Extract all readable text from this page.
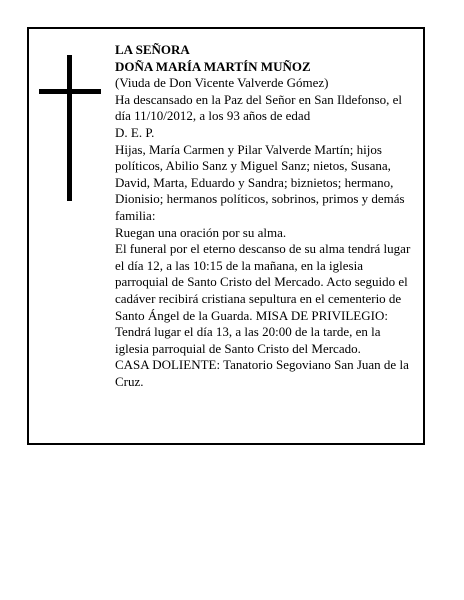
LA SEÑORA

DOÑA MARÍA MARTÍN MUÑOZ

(Viuda de Don Vicente Valverde Gómez)

Ha descansado en la Paz del Señor en San Ildefonso, el día 11/10/2012, a los 93 años de edad

D. E. P.

Hijas, María Carmen y Pilar Valverde Martín; hijos políticos, Abilio Sanz y Miguel Sanz; nietos, Susana, David, Marta, Eduardo y Sandra; biznietos; hermano, Dionisio; hermanos políticos, sobrinos, primos y demás familia:

Ruegan una oración por su alma.

El funeral por el eterno descanso de su alma tendrá lugar el día 12, a las 10:15 de la mañana, en la iglesia parroquial de Santo Cristo del Mercado. Acto seguido el cadáver recibirá cristiana sepultura en el cementerio de Santo Ángel de la Guarda. MISA DE PRIVILEGIO:

Tendrá lugar el día 13, a las 20:00 de la tarde, en la iglesia parroquial de Santo Cristo del Mercado.

CASA DOLIENTE: Tanatorio Segoviano San Juan de la Cruz.
